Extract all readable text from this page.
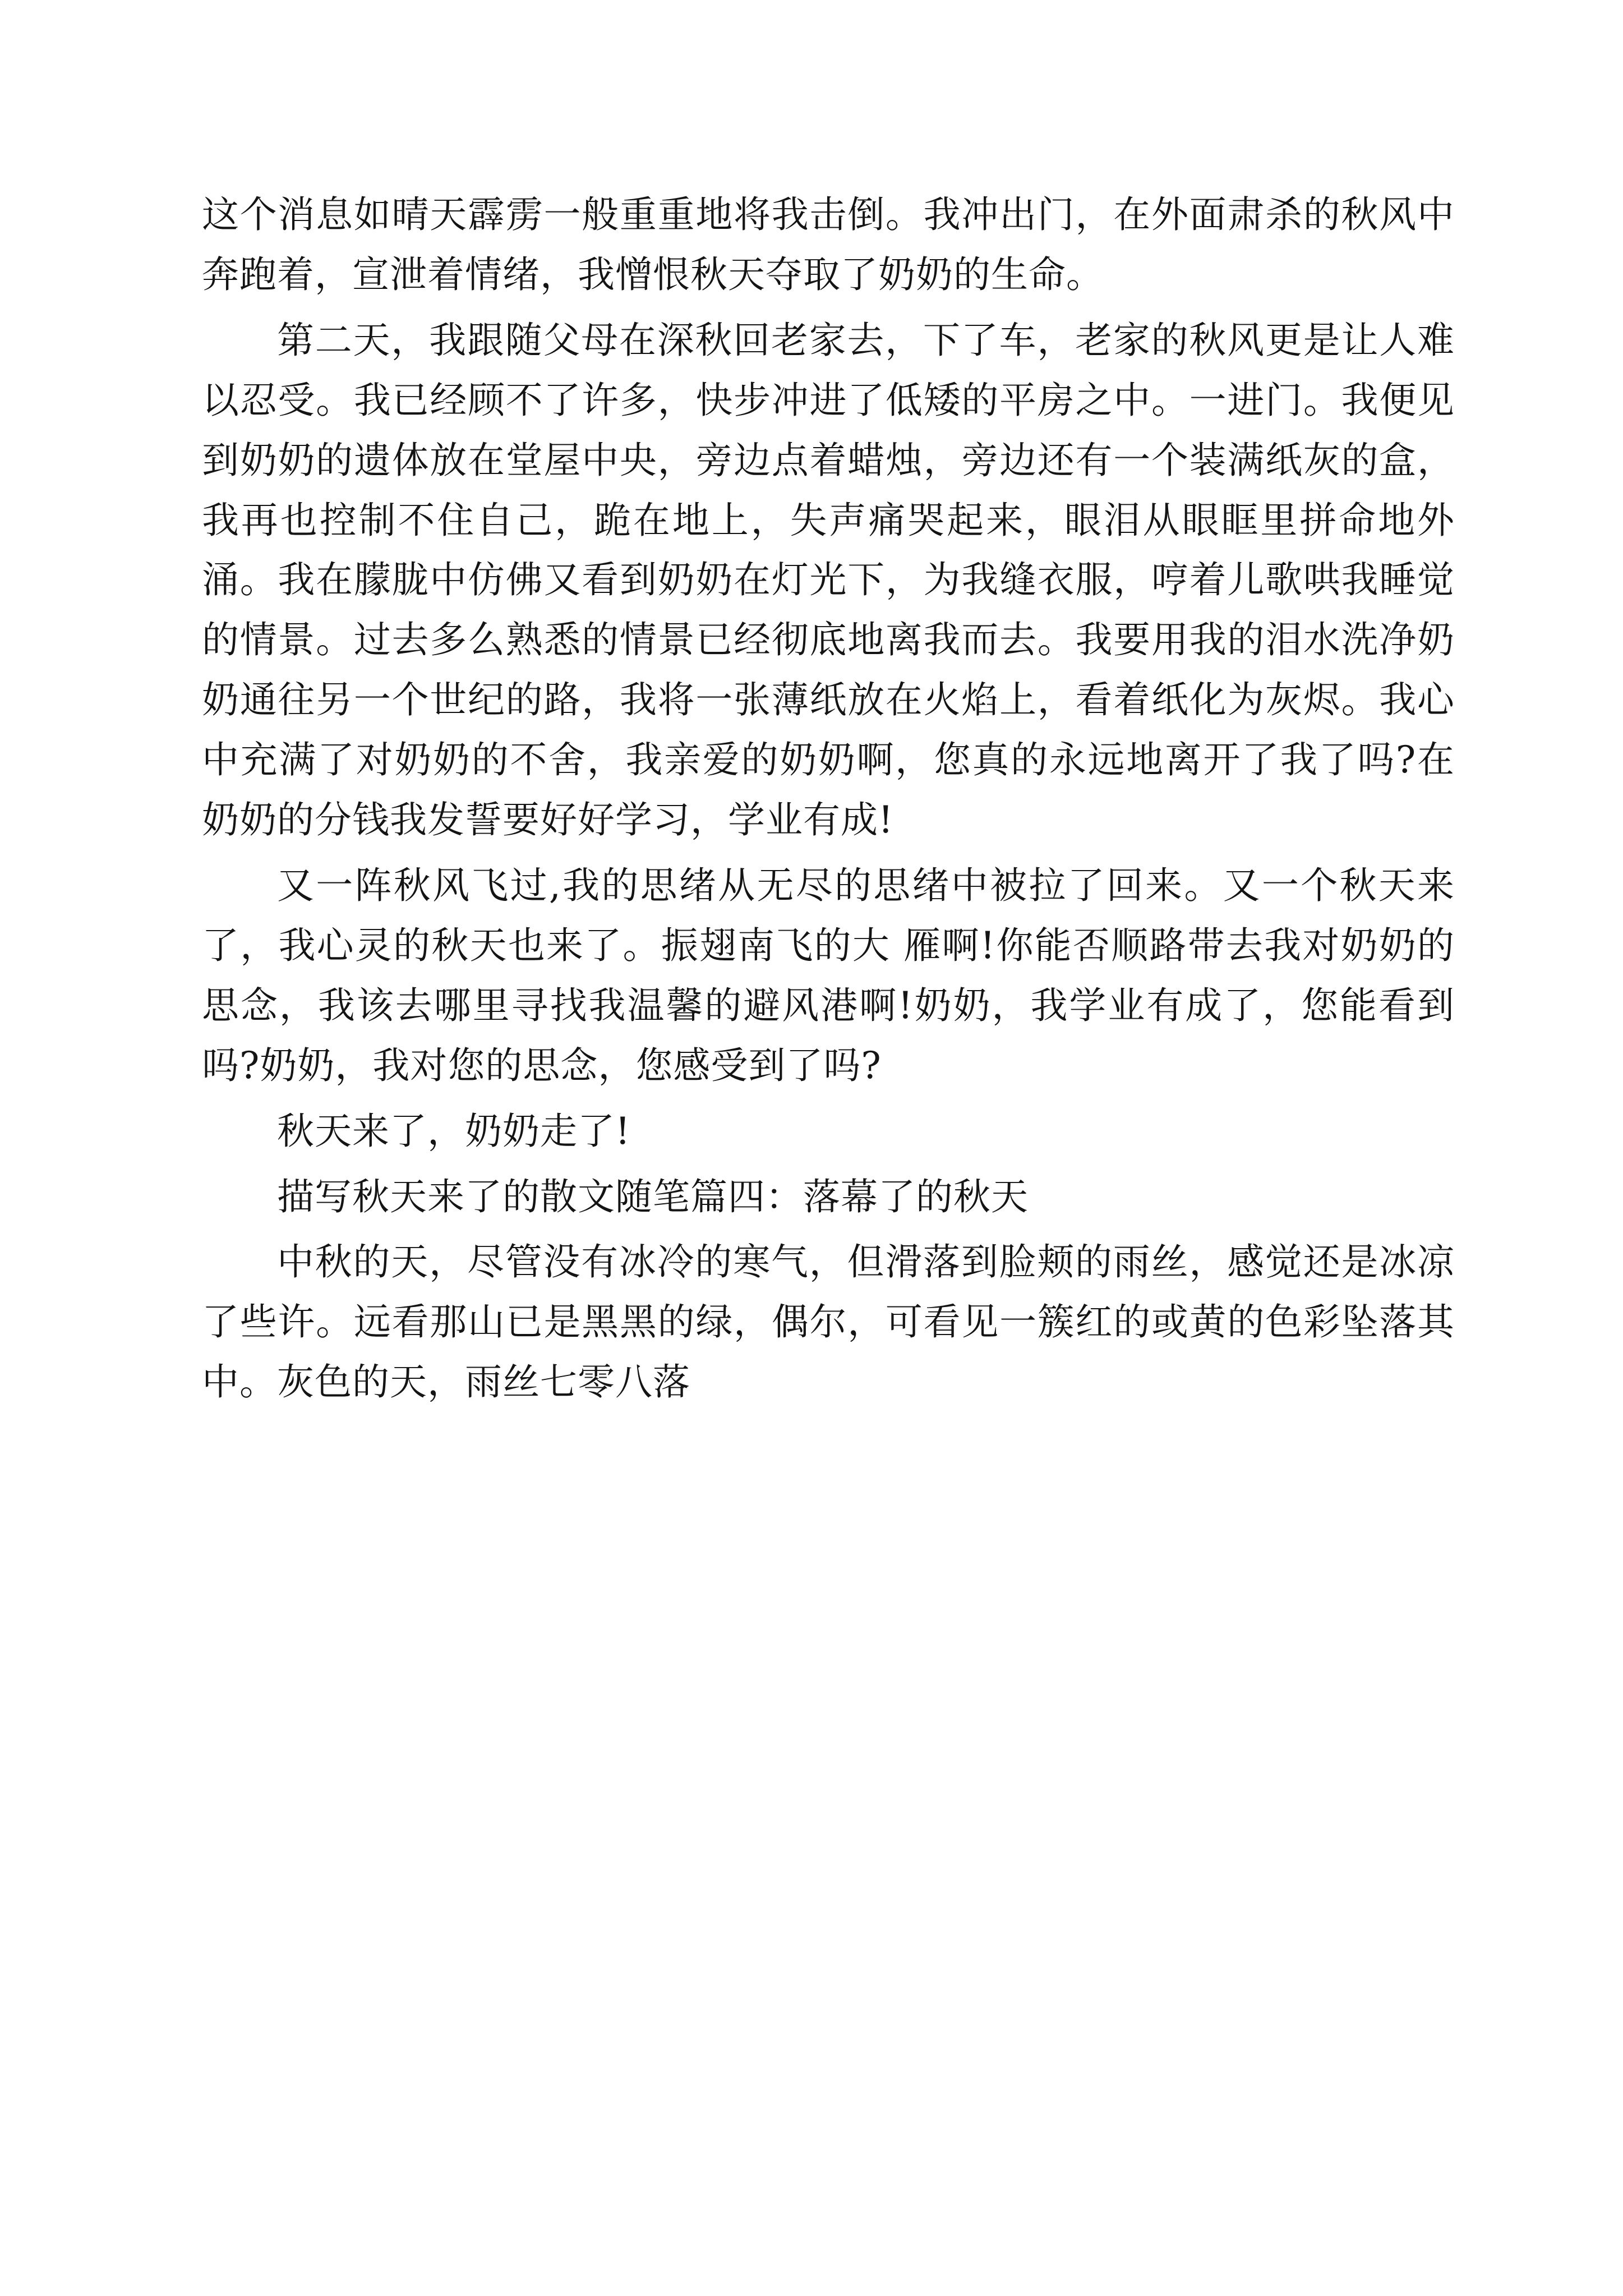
这个消息如晴天霹雳一般重重地将我击倒。我冲出门，在外面肃杀的秋风中奔跑着，宣泄着情绪，我憎恨秋天夺取了奶奶的生命。

第二天，我跟随父母在深秋回老家去，下了车，老家的秋风更是让人难以忍受。我已经顾不了许多，快步冲进了低矮的平房之中。一进门。我便见到奶奶的遗体放在堂屋中央，旁边点着蜡烛，旁边还有一个装满纸灰的盒，我再也控制不住自己，跪在地上，失声痛哭起来，眼泪从眼眶里拼命地外涌。我在朦胧中仿佛又看到奶奶在灯光下，为我缝衣服，哼着儿歌哄我睡觉的情景。过去多么熟悉的情景已经彻底地离我而去。我要用我的泪水洗净奶奶通往另一个世纪的路，我将一张薄纸放在火焰上，看着纸化为灰烬。我心中充满了对奶奶的不舍，我亲爱的奶奶啊，您真的永远地离开了我了吗?在奶奶的分钱我发誓要好好学习，学业有成!

又一阵秋风飞过,我的思绪从无尽的思绪中被拉了回来。又一个秋天来了，我心灵的秋天也来了。振翅南飞的大 雁啊!你能否顺路带去我对奶奶的思念，我该去哪里寻找我温馨的避风港啊!奶奶，我学业有成了，您能看到吗?奶奶，我对您的思念，您感受到了吗?

秋天来了，奶奶走了!

描写秋天来了的散文随笔篇四：落幕了的秋天

中秋的天，尽管没有冰冷的寒气，但滑落到脸颊的雨丝，感觉还是冰凉了些许。远看那山已是黑黑的绿，偶尔，可看见一簇红的或黄的色彩坠落其中。灰色的天，雨丝七零八落
